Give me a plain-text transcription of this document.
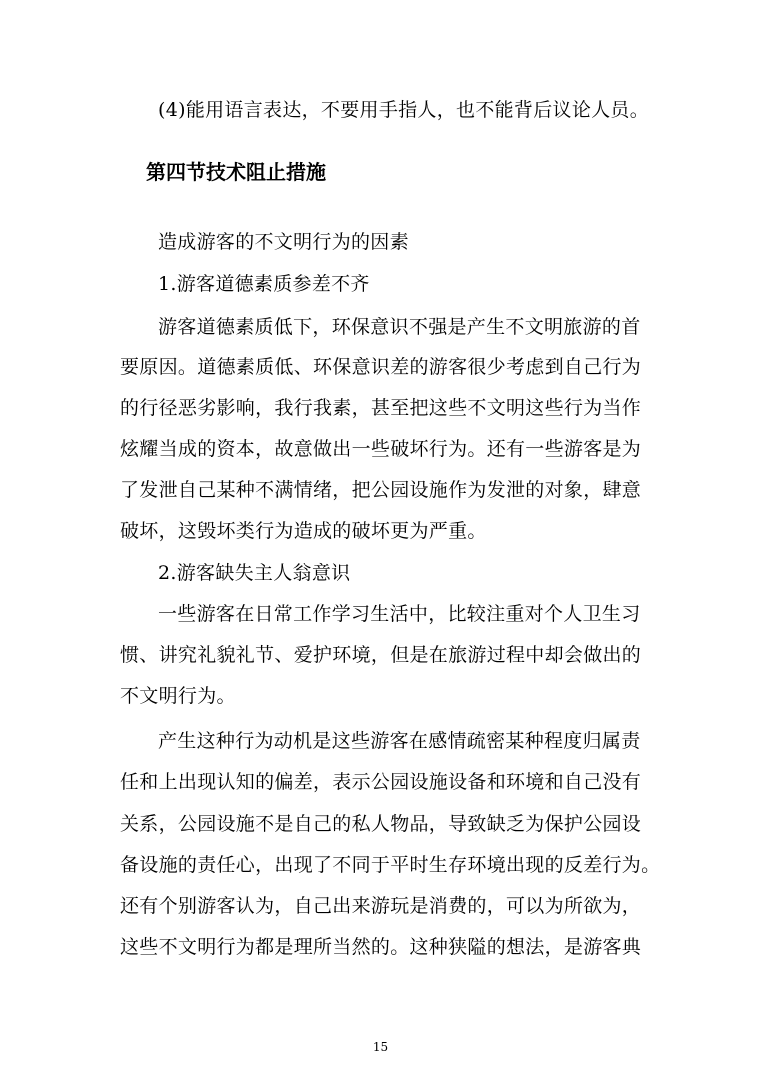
(4)能用语言表达，不要用手指人，也不能背后议论人员。
第四节技术阻止措施
造成游客的不文明行为的因素
1.游客道德素质参差不齐
游客道德素质低下，环保意识不强是产生不文明旅游的首
要原因。道德素质低、环保意识差的游客很少考虑到自己行为
的行径恶劣影响，我行我素，甚至把这些不文明这些行为当作
炫耀当成的资本，故意做出一些破坏行为。还有一些游客是为
了发泄自己某种不满情绪，把公园设施作为发泄的对象，肆意
破坏，这毁坏类行为造成的破坏更为严重。
2.游客缺失主人翁意识
一些游客在日常工作学习生活中，比较注重对个人卫生习
惯、讲究礼貌礼节、爱护环境，但是在旅游过程中却会做出的
不文明行为。
产生这种行为动机是这些游客在感情疏密某种程度归属责
任和上出现认知的偏差，表示公园设施设备和环境和自己没有
关系，公园设施不是自己的私人物品，导致缺乏为保护公园设
备设施的责任心，出现了不同于平时生存环境出现的反差行为。
还有个别游客认为，自己出来游玩是消费的，可以为所欲为，
这些不文明行为都是理所当然的。这种狭隘的想法，是游客典
15
